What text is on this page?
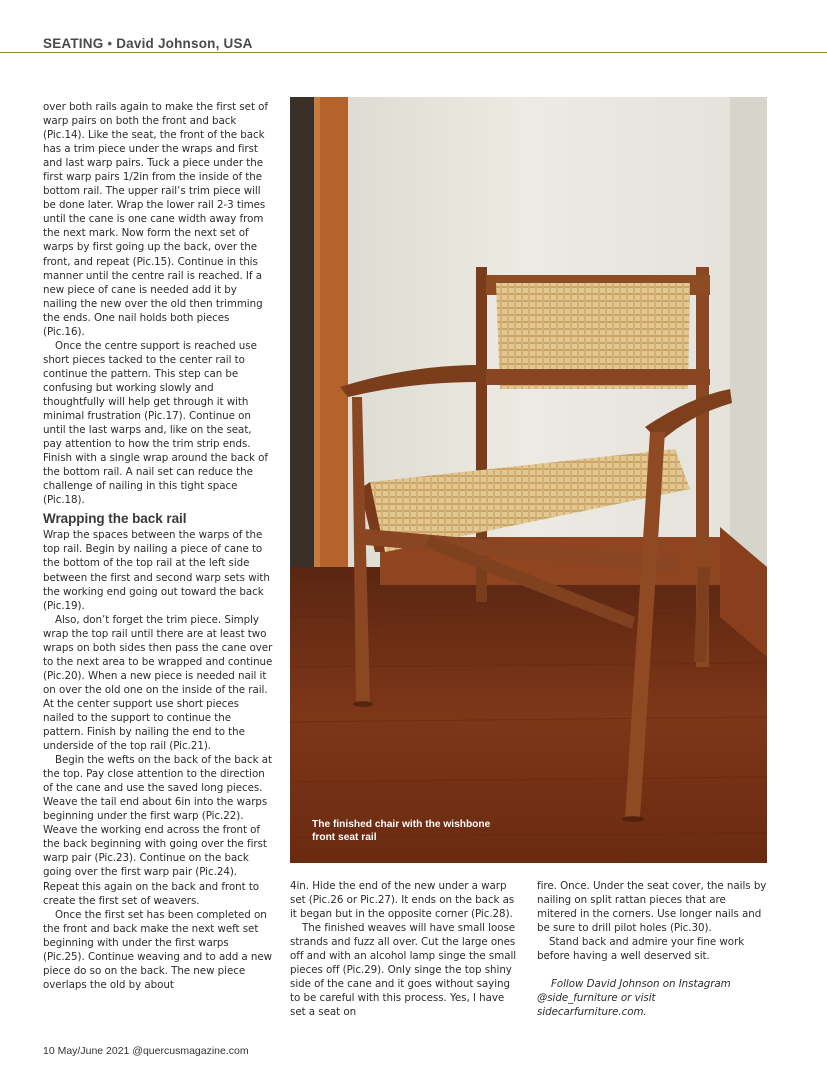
SEATING • David Johnson, USA

over both rails again to make the first set of warp pairs on both the front and back (Pic.14). Like the seat, the front of the back has a trim piece under the wraps and first and last warp pairs. Tuck a piece under the first warp pairs 1/2in from the inside of the bottom rail. The upper rail’s trim piece will be done later. Wrap the lower rail 2-3 times until the cane is one cane width away from the next mark. Now form the next set of warps by first going up the back, over the front, and repeat (Pic.15). Continue in this manner until the centre rail is reached. If a new piece of cane is needed add it by nailing the new over the old then trimming the ends. One nail holds both pieces (Pic.16).

Once the centre support is reached use short pieces tacked to the center rail to continue the pattern. This step can be confusing but working slowly and thoughtfully will help get through it with minimal frustration (Pic.17). Continue on until the last warps and, like on the seat, pay attention to how the trim strip ends. Finish with a single wrap around the back of the bottom rail. A nail set can reduce the challenge of nailing in this tight space (Pic.18).

Wrapping the back rail

Wrap the spaces between the warps of the top rail. Begin by nailing a piece of cane to the bottom of the top rail at the left side between the first and second warp sets with the working end going out toward the back (Pic.19).

Also, don’t forget the trim piece. Simply wrap the top rail until there are at least two wraps on both sides then pass the cane over to the next area to be wrapped and continue (Pic.20). When a new piece is needed nail it on over the old one on the inside of the rail. At the center support use short pieces nailed to the support to continue the pattern. Finish by nailing the end to the underside of the top rail (Pic.21).

Begin the wefts on the back of the back at the top. Pay close attention to the direction of the cane and use the saved long pieces. Weave the tail end about 6in into the warps beginning under the first warp (Pic.22). Weave the working end across the front of the back beginning with going over the first warp pair (Pic.23). Continue on the back going over the first warp pair (Pic.24). Repeat this again on the back and front to create the first set of weavers.

Once the first set has been completed on the front and back make the next weft set beginning with under the first warps (Pic.25). Continue weaving and to add a new piece do so on the back. The new piece overlaps the old by about

The finished chair with the wishbone front seat rail

4in. Hide the end of the new under a warp set (Pic.26 or Pic.27). It ends on the back as it began but in the opposite corner (Pic.28).

The finished weaves will have small loose strands and fuzz all over. Cut the large ones off and with an alcohol lamp singe the small pieces off (Pic.29). Only singe the top shiny side of the cane and it goes without saying to be careful with this process. Yes, I have set a seat on

fire. Once. Under the seat cover, the nails by nailing on split rattan pieces that are mitered in the corners. Use longer nails and be sure to drill pilot holes (Pic.30).

Stand back and admire your fine work before having a well deserved sit.

Follow David Johnson on Instagram @side_furniture or visit sidecarfurniture.com.

10 May/June 2021 @quercusmagazine.com
